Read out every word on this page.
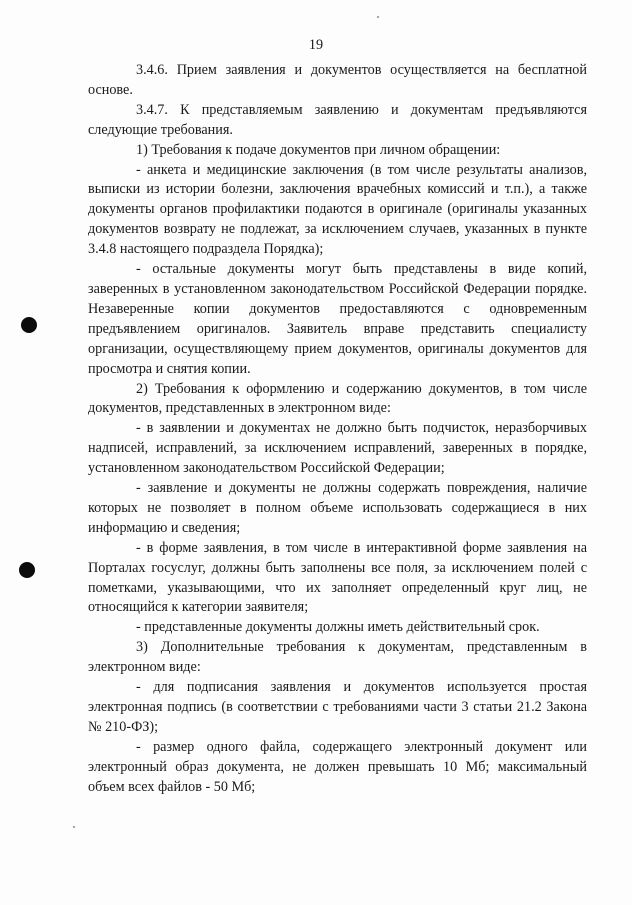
19

3.4.6. Прием заявления и документов осуществляется на бесплатной основе.

3.4.7. К представляемым заявлению и документам предъявляются следующие требования.

1) Требования к подаче документов при личном обращении:

- анкета и медицинские заключения (в том числе результаты анализов, выписки из истории болезни, заключения врачебных комиссий и т.п.), а также документы органов профилактики подаются в оригинале (оригиналы указанных документов возврату не подлежат, за исключением случаев, указанных в пункте 3.4.8 настоящего подраздела Порядка);

- остальные документы могут быть представлены в виде копий, заверенных в установленном законодательством Российской Федерации порядке. Незаверенные копии документов предоставляются с одновременным предъявлением оригиналов. Заявитель вправе представить специалисту организации, осуществляющему прием документов, оригиналы документов для просмотра и снятия копии.

2) Требования к оформлению и содержанию документов, в том числе документов, представленных в электронном виде:

- в заявлении и документах не должно быть подчисток, неразборчивых надписей, исправлений, за исключением исправлений, заверенных в порядке, установленном законодательством Российской Федерации;

- заявление и документы не должны содержать повреждения, наличие которых не позволяет в полном объеме использовать содержащиеся в них информацию и сведения;

- в форме заявления, в том числе в интерактивной форме заявления на Порталах госуслуг, должны быть заполнены все поля, за исключением полей с пометками, указывающими, что их заполняет определенный круг лиц, не относящийся к категории заявителя;

- представленные документы должны иметь действительный срок.

3) Дополнительные требования к документам, представленным в электронном виде:

- для подписания заявления и документов используется простая электронная подпись (в соответствии с требованиями части 3 статьи 21.2 Закона № 210-ФЗ);

- размер одного файла, содержащего электронный документ или электронный образ документа, не должен превышать 10 Мб; максимальный объем всех файлов - 50 Мб;
